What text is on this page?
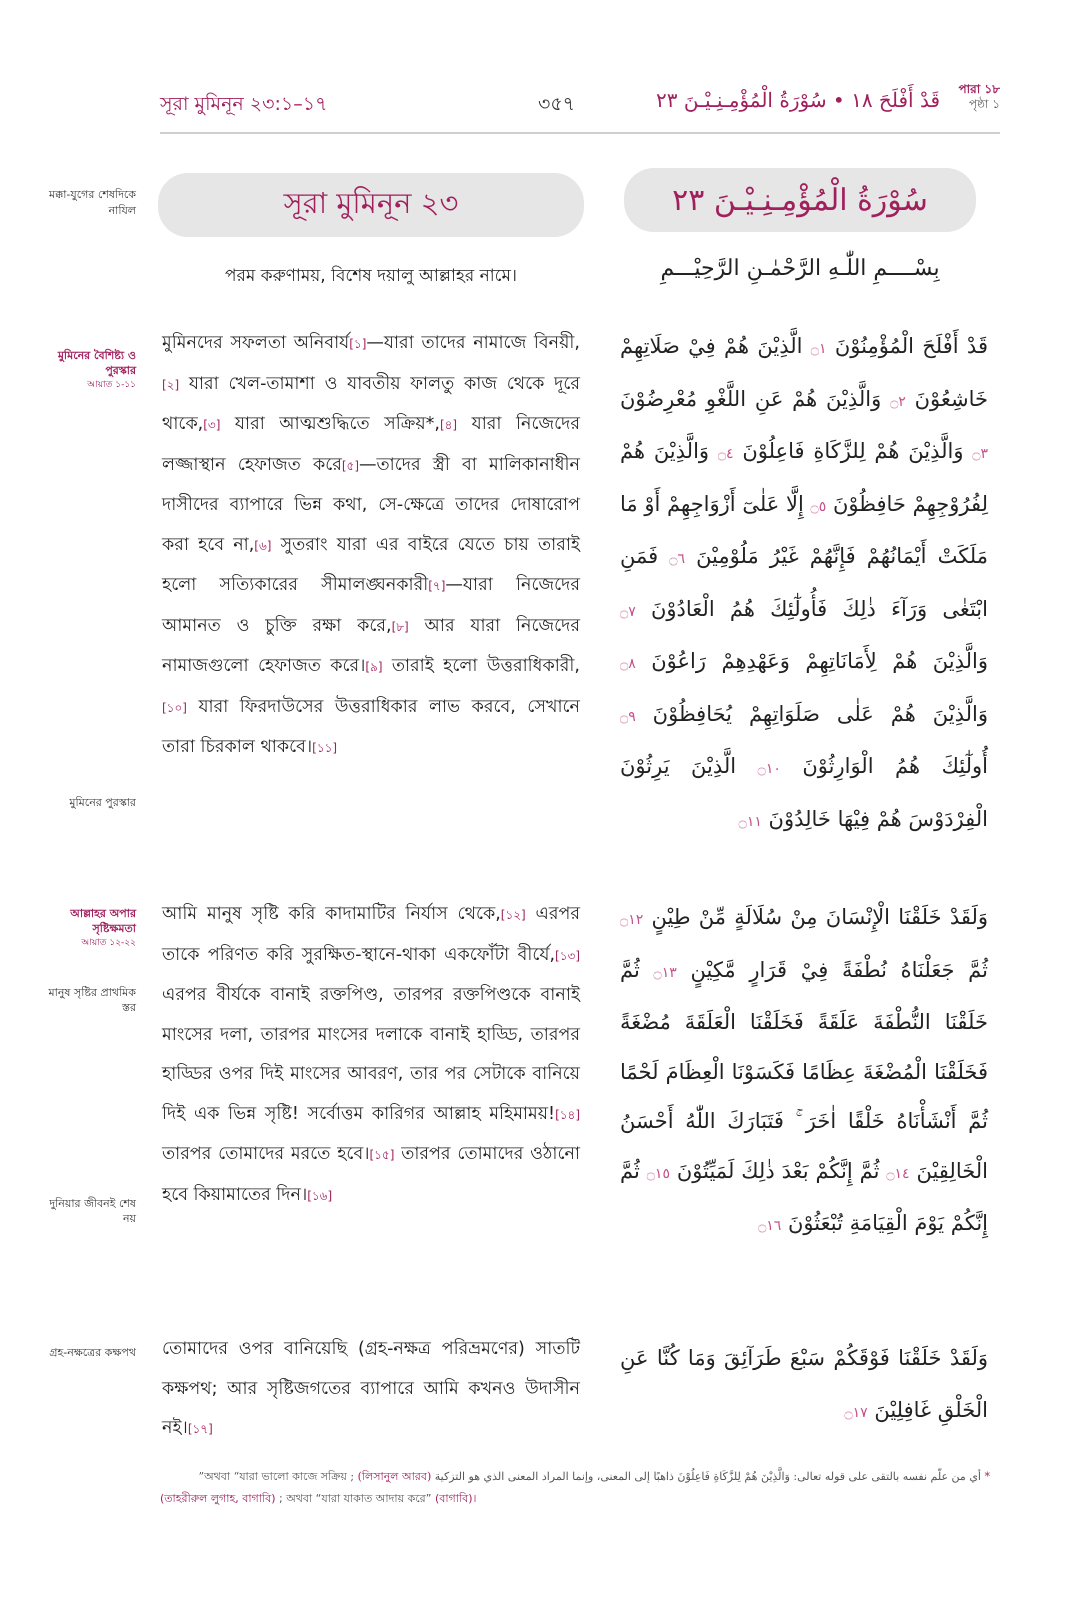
সূরা মুমিনূন ২৩:১–১৭	৩৫৭	قَدْ أَفْلَحَ ١٨ • سُوْرَةُ الْمُؤْمِـنِـيْـنَ ٢٣ পারা ১৮
পৃষ্ঠা ১
মক্কা-যুগের শেষদিকে নাযিল	সূরা মুমিনূন ২৩	سُوْرَةُ الْمُؤْمِـنِـيْـنَ ٢٣
পরম করুণাময়, বিশেষ দয়ালু আল্লাহর নামে।	بِسْــــمِ اللّٰـهِ الرَّحْمٰـنِ الرَّحِيْـــمِ
মুমিনের বৈশিষ্ট্য ও পুরস্কার
আয়াত ১-১১
মুমিনের পুরস্কার
মুমিনদের সফলতা অনিবার্য[১]—যারা তাদের নামাজে বিনয়ী,[২] যারা খেল-তামাশা ও যাবতীয় ফালতু কাজ থেকে দূরে থাকে,[৩] যারা আত্মশুদ্ধিতে সক্রিয়*,[৪] যারা নিজেদের লজ্জাস্থান হেফাজত করে[৫]—তাদের স্ত্রী বা মালিকানাধীন দাসীদের ব্যাপারে ভিন্ন কথা, সে-ক্ষেত্রে তাদের দোষারোপ করা হবে না,[৬] সুতরাং যারা এর বাইরে যেতে চায় তারাই হলো সত্যিকারের সীমালঙ্ঘনকারী[৭]—যারা নিজেদের আমানত ও চুক্তি রক্ষা করে,[৮] আর যারা নিজেদের নামাজগুলো হেফাজত করে।[৯] তারাই হলো উত্তরাধিকারী,[১০] যারা ফিরদাউসের উত্তরাধিকার লাভ করবে, সেখানে তারা চিরকাল থাকবে।[১১]
قَدْ أَفْلَحَ الْمُؤْمِنُوْنَ ۝١ الَّذِيْنَ هُمْ فِيْ صَلَاتِهِمْ خَاشِعُوْنَ ۝٢ وَالَّذِيْنَ هُمْ عَنِ اللَّغْوِ مُعْرِضُوْنَ ۝٣ وَالَّذِيْنَ هُمْ لِلزَّكَاةِ فَاعِلُوْنَ ۝٤ وَالَّذِيْنَ هُمْ لِفُرُوْجِهِمْ حَافِظُوْنَ ۝٥ إِلَّا عَلٰىٓ أَزْوَاجِهِمْ أَوْ مَا مَلَكَتْ أَيْمَانُهُمْ فَإِنَّهُمْ غَيْرُ مَلُوْمِيْنَ ۝٦ فَمَنِ ابْتَغٰى وَرَآءَ ذٰلِكَ فَأُولٰٓئِكَ هُمُ الْعَادُوْنَ ۝٧ وَالَّذِيْنَ هُمْ لِأَمَانَاتِهِمْ وَعَهْدِهِمْ رَاعُوْنَ ۝٨ وَالَّذِيْنَ هُمْ عَلٰى صَلَوَاتِهِمْ يُحَافِظُوْنَ ۝٩ أُولٰٓئِكَ هُمُ الْوَارِثُوْنَ ۝١٠ الَّذِيْنَ يَرِثُوْنَ الْفِرْدَوْسَ هُمْ فِيْهَا خَالِدُوْنَ ۝١١
আল্লাহর অপার সৃষ্টিক্ষমতা
আয়াত ১২-২২
মানুষ সৃষ্টির প্রাথমিক স্তর
দুনিয়ার জীবনই শেষ নয়
আমি মানুষ সৃষ্টি করি কাদামাটির নির্যাস থেকে,[১২] এরপর তাকে পরিণত করি সুরক্ষিত-স্থানে-থাকা একফোঁটা বীর্যে,[১৩] এরপর বীর্যকে বানাই রক্তপিণ্ড, তারপর রক্তপিণ্ডকে বানাই মাংসের দলা, তারপর মাংসের দলাকে বানাই হাড্ডি, তারপর হাড্ডির ওপর দিই মাংসের আবরণ, তার পর সেটাকে বানিয়ে দিই এক ভিন্ন সৃষ্টি! সর্বোত্তম কারিগর আল্লাহ মহিমাময়![১৪] তারপর তোমাদের মরতে হবে।[১৫] তারপর তোমাদের ওঠানো হবে কিয়ামাতের দিন।[১৬]
وَلَقَدْ خَلَقْنَا الْإِنْسَانَ مِنْ سُلَالَةٍ مِّنْ طِيْنٍ ۝١٢ ثُمَّ جَعَلْنَاهُ نُطْفَةً فِيْ قَرَارٍ مَّكِيْنٍ ۝١٣ ثُمَّ خَلَقْنَا النُّطْفَةَ عَلَقَةً فَخَلَقْنَا الْعَلَقَةَ مُضْغَةً فَخَلَقْنَا الْمُضْغَةَ عِظَامًا فَكَسَوْنَا الْعِظَامَ لَحْمًا ثُمَّ أَنْشَأْنَاهُ خَلْقًا اٰخَرَ ۚ فَتَبَارَكَ اللّٰهُ أَحْسَنُ الْخَالِقِيْنَ ۝١٤ ثُمَّ إِنَّكُمْ بَعْدَ ذٰلِكَ لَمَيِّتُوْنَ ۝١٥ ثُمَّ إِنَّكُمْ يَوْمَ الْقِيَامَةِ تُبْعَثُوْنَ ۝١٦
গ্রহ-নক্ষত্রের কক্ষপথ তোমাদের ওপর বানিয়েছি (গ্রহ-নক্ষত্র পরিভ্রমণের) সাতটি কক্ষপথ; আর সৃষ্টিজগতের ব্যাপারে আমি কখনও উদাসীন নই।[১৭]
وَلَقَدْ خَلَقْنَا فَوْقَكُمْ سَبْعَ طَرَآئِقَ وَمَا كُنَّا عَنِ الْخَلْقِ غَافِلِيْنَ ۝١٧
* أي من علّم نفسه بالتقى على قوله تعالى: وَالَّذِيْنَ هُمْ لِلزَّكَاةِ فَاعِلُوْنَ ذاهبًا إلى المعنى، وإنما المراد المعنى الذي هو التزكية (লিসানুল আরব) ; অথবা “যারা ভালো কাজে সক্রিয়”
(তাহরীরুল লুগাহ, বাগাবি) ; অথবা “যারা যাকাত আদায় করে” (বাগাবি)।
